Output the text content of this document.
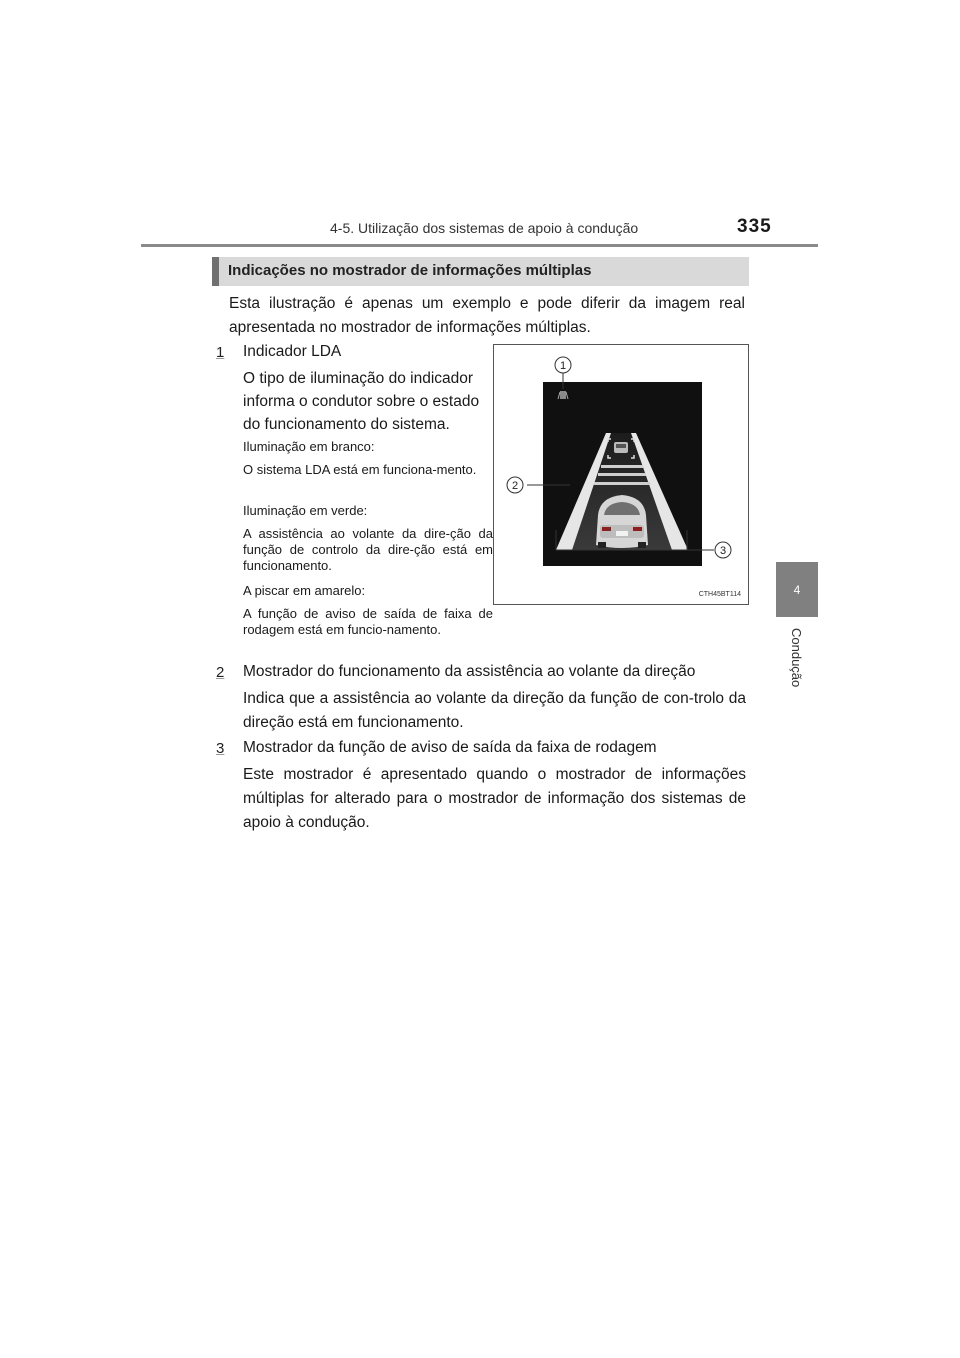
4-5. Utilização dos sistemas de apoio à condução	335
4
Condução
Indicações no mostrador de informações múltiplas
Esta ilustração é apenas um exemplo e pode diferir da imagem real apresentada no mostrador de informações múltiplas.
1 Indicador LDA
O tipo de iluminação do indicador
informa o condutor sobre o estado
do funcionamento do sistema.
Iluminação em branco:
O sistema LDA está em funciona-mento.
Iluminação em verde:
A assistência ao volante da dire-ção da função de controlo da dire-ção está em funcionamento.
A piscar em amarelo:
A função de aviso de saída de faixa de rodagem está em funcio-namento.
1
2
3
CTH45BT114
2 Mostrador do funcionamento da assistência ao volante da direção
Indica que a assistência ao volante da direção da função de con-trolo da direção está em funcionamento.
3 Mostrador da função de aviso de saída da faixa de rodagem
Este mostrador é apresentado quando o mostrador de informações múltiplas for alterado para o mostrador de informação dos sistemas de apoio à condução.
